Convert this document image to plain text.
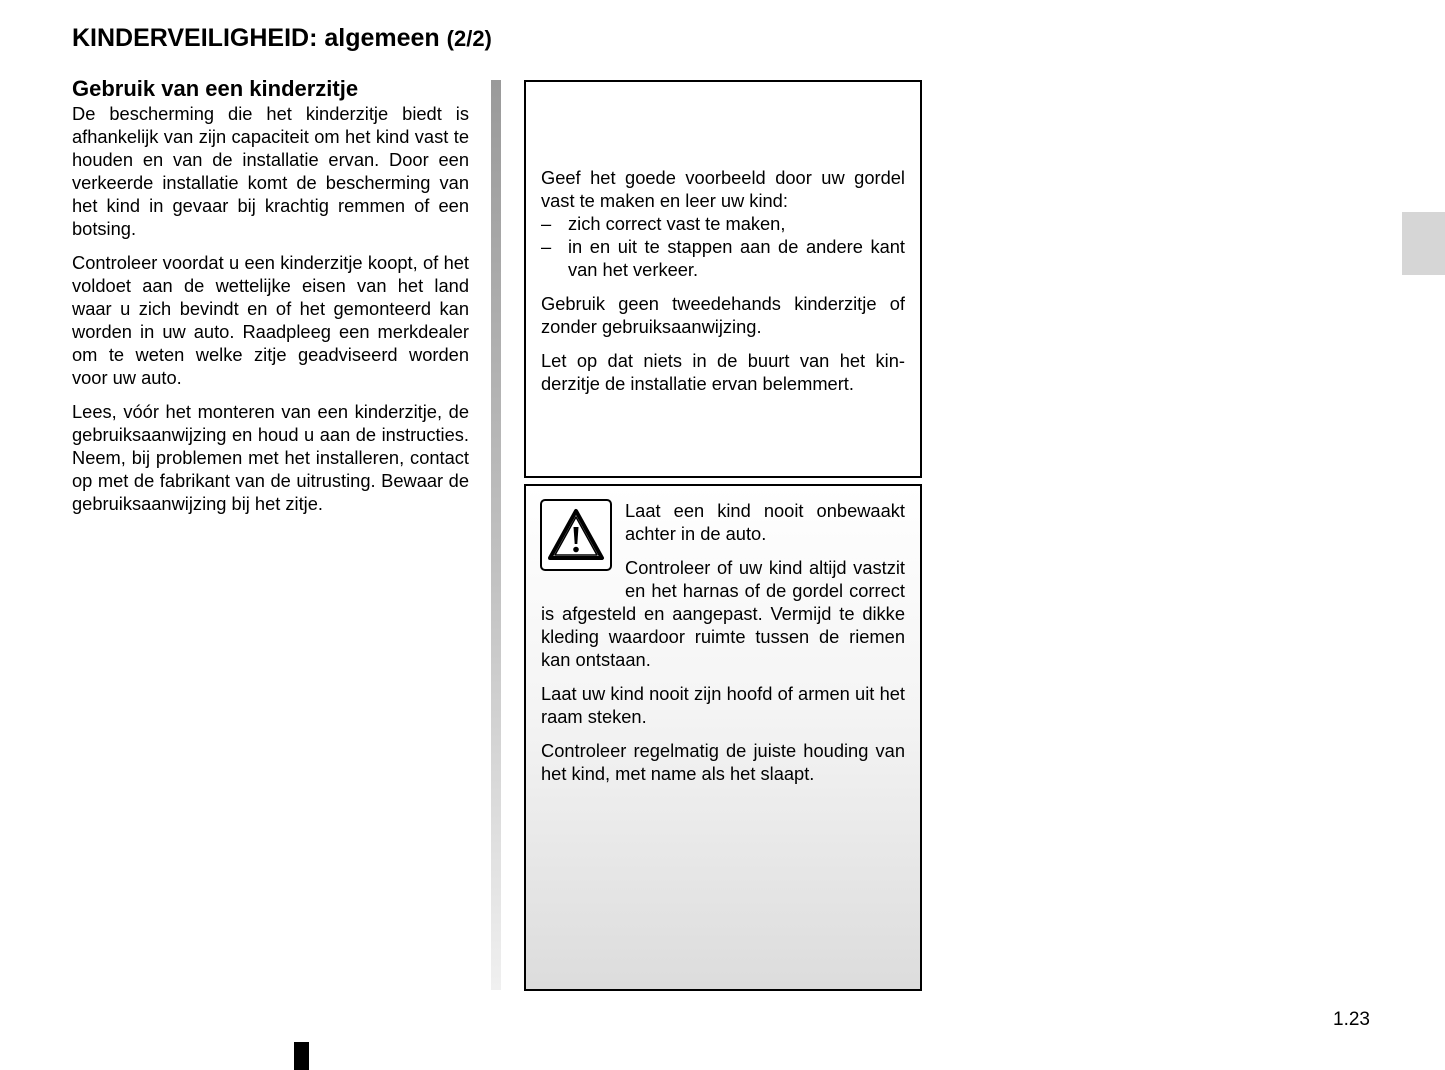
KINDERVEILIGHEID: algemeen (2/2)
Gebruik van een kinderzitje

De bescherming die het kinderzitje biedt is afhankelijk van zijn capaciteit om het kind vast te houden en van de installatie ervan. Door een verkeerde installatie komt de bescherming van het kind in gevaar bij krachtig remmen of een botsing.

Controleer voordat u een kinderzitje koopt, of het voldoet aan de wettelijke eisen van het land waar u zich bevindt en of het gemonteerd kan worden in uw auto. Raadpleeg een merkdealer om te weten welke zitje geadviseerd worden voor uw auto.

Lees, vóór het monteren van een kinderzitje, de gebruiksaanwijzing en houd u aan de instructies. Neem, bij problemen met het installeren, contact op met de fabrikant van de uitrusting. Bewaar de gebruiksaanwijzing bij het zitje.

Geef het goede voorbeeld door uw gordel vast te maken en leer uw kind:

– zich correct vast te maken,
– in en uit te stappen aan de andere kant van het verkeer.

Gebruik geen tweedehands kinderzitje of zonder gebruiksaanwijzing.

Let op dat niets in de buurt van het kinderzitje de installatie ervan belemmert.

Laat een kind nooit onbewaakt achter in de auto.

Controleer of uw kind altijd vastzit en het harnas of de gordel correct is afgesteld en aangepast. Vermijd te dikke kleding waardoor ruimte tussen de riemen kan ontstaan.

Laat uw kind nooit zijn hoofd of armen uit het raam steken.

Controleer regelmatig de juiste houding van het kind, met name als het slaapt.

1.23
